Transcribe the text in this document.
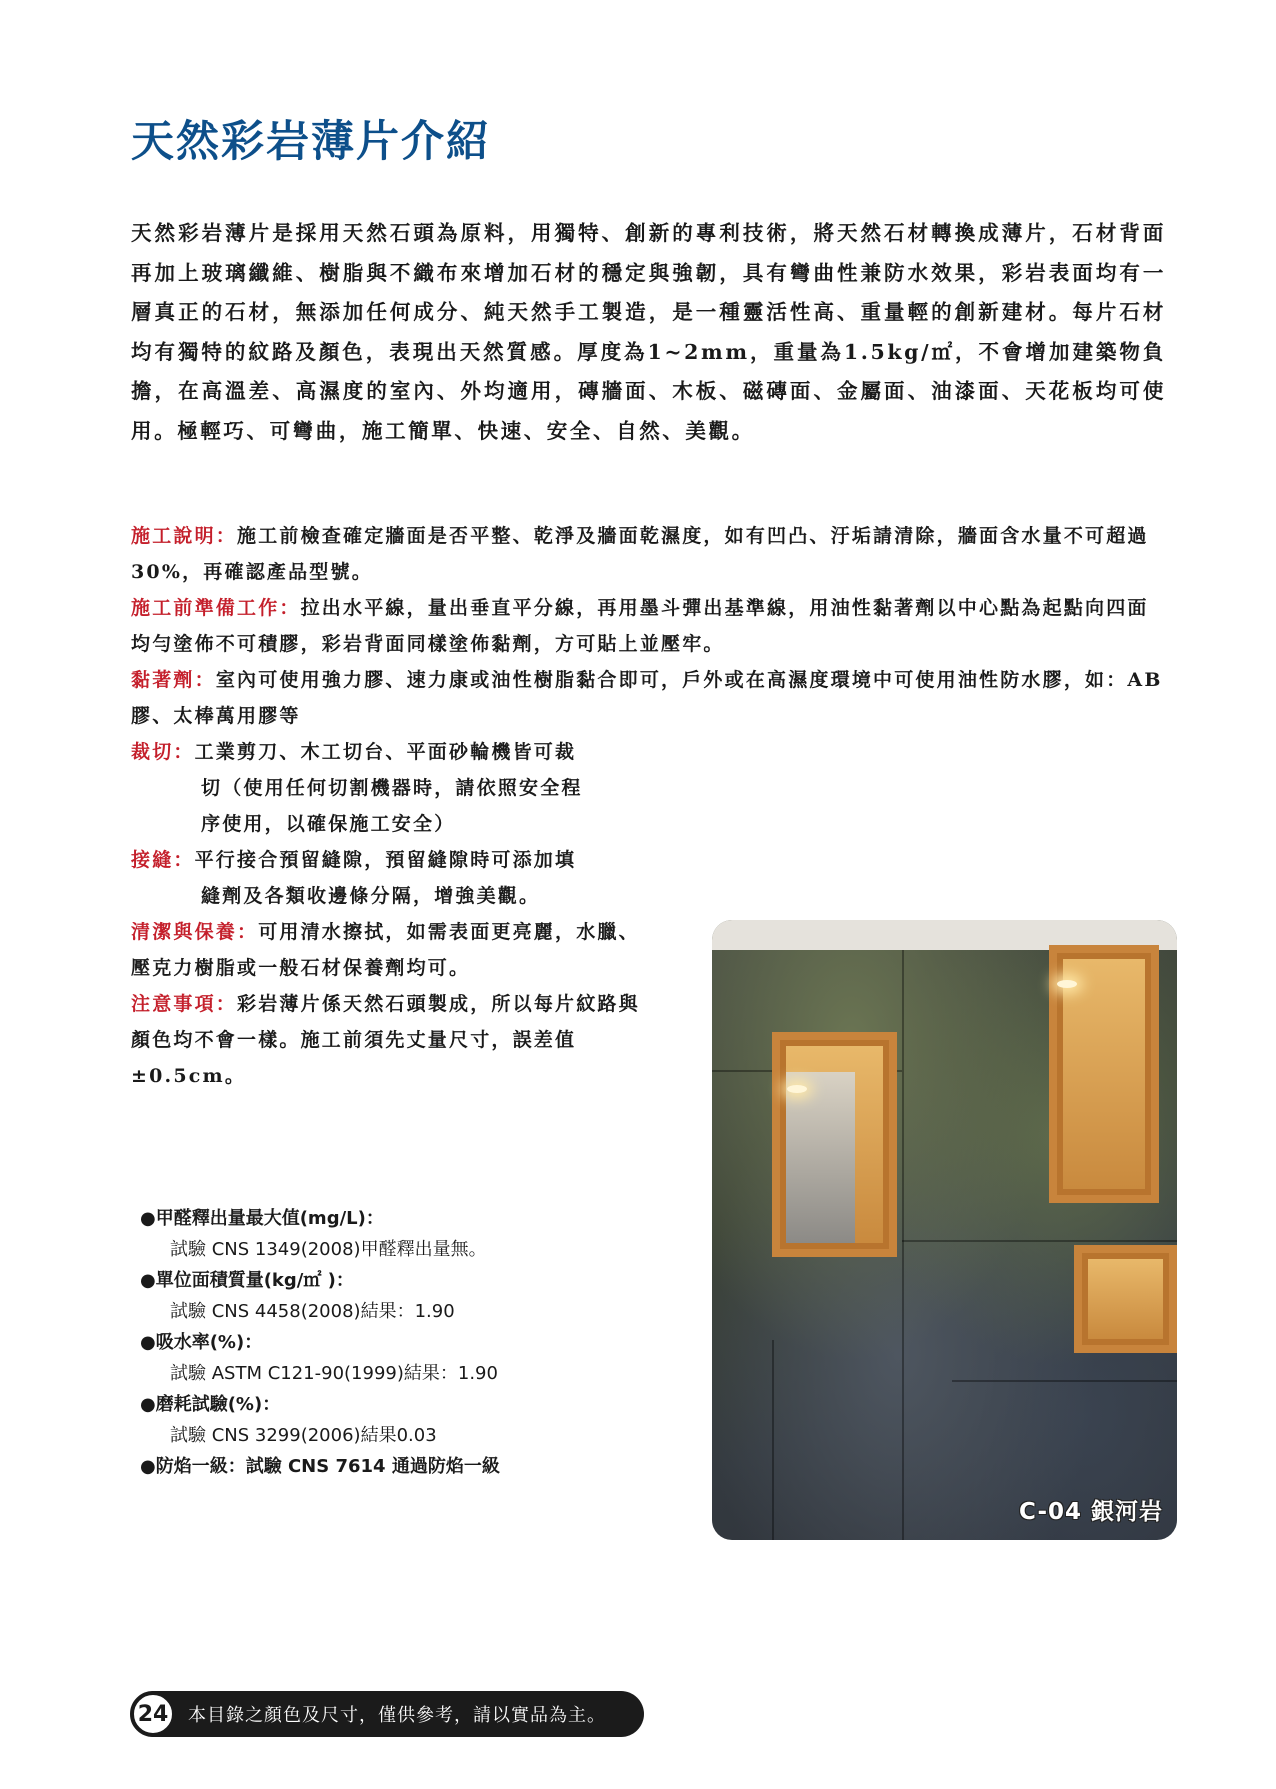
天然彩岩薄片介紹

天然彩岩薄片是採用天然石頭為原料，用獨特、創新的專利技術，將天然石材轉換成薄片，石材背面再加上玻璃纖維、樹脂與不織布來增加石材的穩定與強韌，具有彎曲性兼防水效果，彩岩表面均有一層真正的石材，無添加任何成分、純天然手工製造，是一種靈活性高、重量輕的創新建材。每片石材均有獨特的紋路及顏色，表現出天然質感。厚度為1~2mm，重量為1.5kg/㎡，不會增加建築物負擔，在高溫差、高濕度的室內、外均適用，磚牆面、木板、磁磚面、金屬面、油漆面、天花板均可使用。極輕巧、可彎曲，施工簡單、快速、安全、自然、美觀。

施工說明：施工前檢查確定牆面是否平整、乾淨及牆面乾濕度，如有凹凸、汙垢請清除，牆面含水量不可超過30%，再確認產品型號。

施工前準備工作：拉出水平線，量出垂直平分線，再用墨斗彈出基準線，用油性黏著劑以中心點為起點向四面均勻塗佈不可積膠，彩岩背面同樣塗佈黏劑，方可貼上並壓牢。

黏著劑：室內可使用強力膠、速力康或油性樹脂黏合即可，戶外或在高濕度環境中可使用油性防水膠，如：AB膠、太棒萬用膠等

裁切：工業剪刀、木工切台、平面砂輪機皆可裁
切（使用任何切割機器時，請依照安全程
序使用，以確保施工安全）
接縫：平行接合預留縫隙，預留縫隙時可添加填
縫劑及各類收邊條分隔，增強美觀。

清潔與保養：可用清水擦拭，如需表面更亮麗，水臘、壓克力樹脂或一般石材保養劑均可。

注意事項：彩岩薄片係天然石頭製成，所以每片紋路與顏色均不會一樣。施工前須先丈量尺寸，誤差值±0.5cm。

C-04 銀河岩
●甲醛釋出量最大值(mg/L)：
試驗 CNS 1349(2008)甲醛釋出量無。
●單位面積質量(kg/㎡ )：
試驗 CNS 4458(2008)結果：1.90
●吸水率(%)：
試驗 ASTM C121-90(1999)結果：1.90
●磨耗試驗(%)：
試驗 CNS 3299(2006)結果0.03
●防焰一級：試驗 CNS 7614 通過防焰一級
24	本目錄之顏色及尺寸，僅供參考，請以實品為主。
